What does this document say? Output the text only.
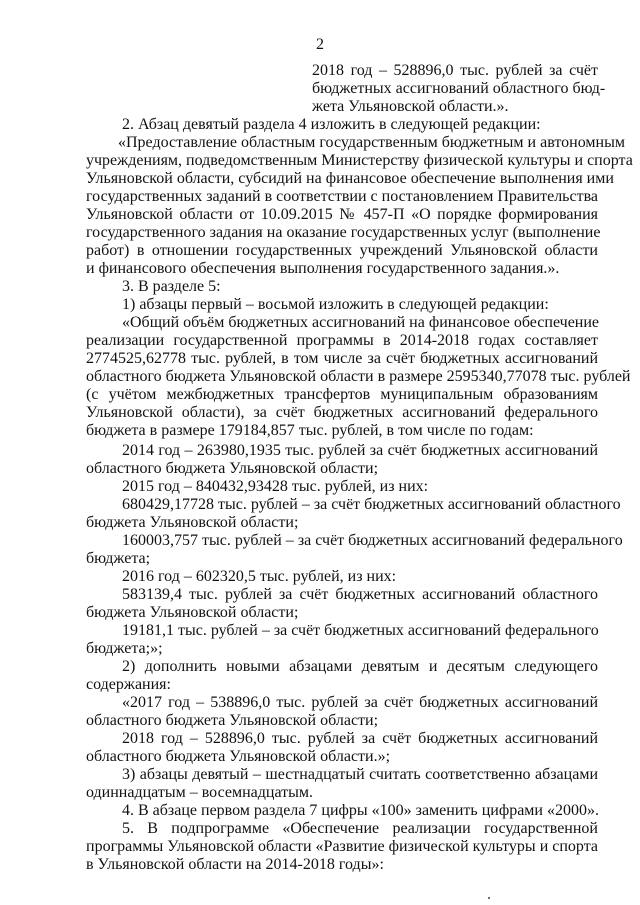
2
2018 год – 528896,0 тыс. рублей за счёт
бюджетных ассигнований областного бюд-
жета Ульяновской области.».
2. Абзац девятый раздела 4 изложить в следующей редакции:
«Предоставление областным государственным бюджетным и автономным
учреждениям, подведомственным Министерству физической культуры и спорта
Ульяновской области, субсидий на финансовое обеспечение выполнения ими
государственных заданий в соответствии с постановлением Правительства
Ульяновской области от 10.09.2015 № 457-П «О порядке формирования
государственного задания на оказание государственных услуг (выполнение
работ) в отношении государственных учреждений Ульяновской области
и финансового обеспечения выполнения государственного задания.».
3. В разделе 5:
1) абзацы первый – восьмой изложить в следующей редакции:
«Общий объём бюджетных ассигнований на финансовое обеспечение
реализации государственной программы в 2014-2018 годах составляет
2774525,62778 тыс. рублей, в том числе за счёт бюджетных ассигнований
областного бюджета Ульяновской области в размере 2595340,77078 тыс. рублей
(с учётом межбюджетных трансфертов муниципальным образованиям
Ульяновской области), за счёт бюджетных ассигнований федерального
бюджета в размере 179184,857 тыс. рублей, в том числе по годам:
2014 год – 263980,1935 тыс. рублей за счёт бюджетных ассигнований
областного бюджета Ульяновской области;
2015 год – 840432,93428 тыс. рублей, из них:
680429,17728 тыс. рублей – за счёт бюджетных ассигнований областного
бюджета Ульяновской области;
160003,757 тыс. рублей – за счёт бюджетных ассигнований федерального
бюджета;
2016 год – 602320,5 тыс. рублей, из них:
583139,4 тыс. рублей за счёт бюджетных ассигнований областного
бюджета Ульяновской области;
19181,1 тыс. рублей – за счёт бюджетных ассигнований федерального
бюджета;»;
2) дополнить новыми абзацами девятым и десятым следующего
содержания:
«2017 год – 538896,0 тыс. рублей за счёт бюджетных ассигнований
областного бюджета Ульяновской области;
2018 год – 528896,0 тыс. рублей за счёт бюджетных ассигнований
областного бюджета Ульяновской области.»;
3) абзацы девятый – шестнадцатый считать соответственно абзацами
одиннадцатым – восемнадцатым.
4. В абзаце первом раздела 7 цифры «100» заменить цифрами «2000».
5. В подпрограмме «Обеспечение реализации государственной
программы Ульяновской области «Развитие физической культуры и спорта
в Ульяновской области на 2014-2018 годы»:
